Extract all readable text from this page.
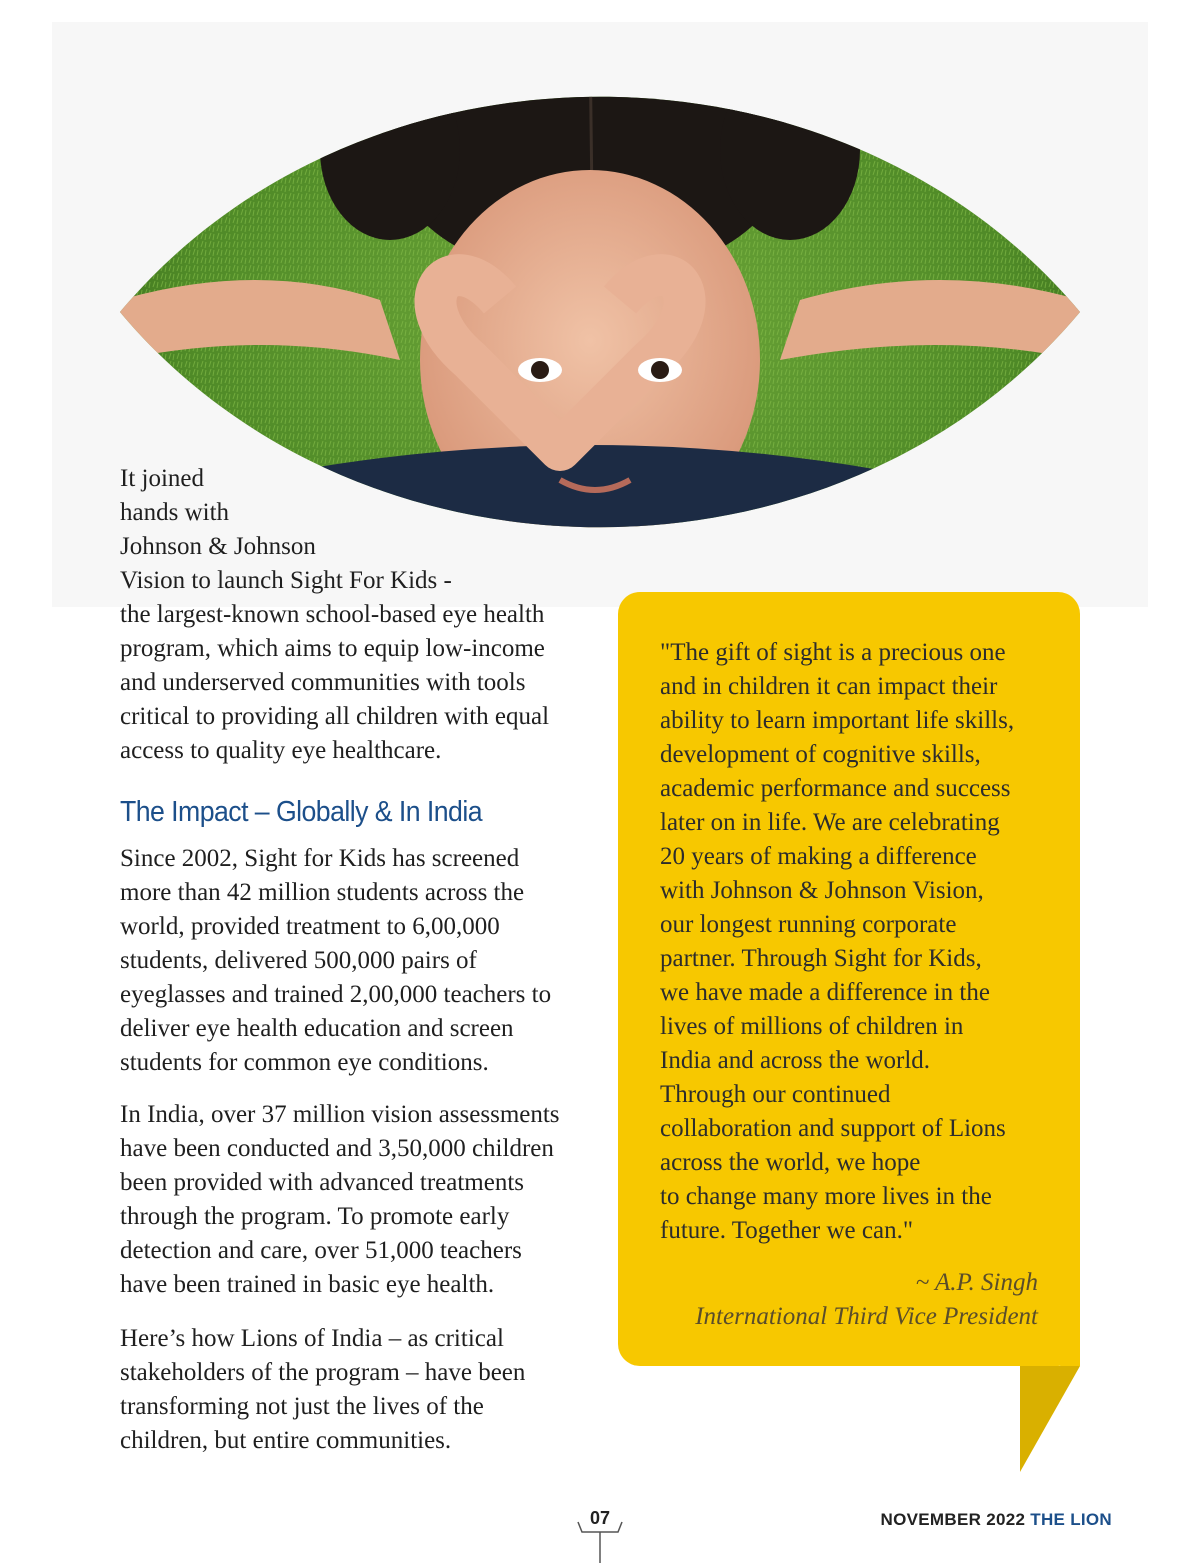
It joined
hands with
Johnson & Johnson
Vision to launch Sight For Kids -
the largest-known school-based eye health
program, which aims to equip low-income
and underserved communities with tools
critical to providing all children with equal
access to quality eye healthcare.

The Impact – Globally & In India

Since 2002, Sight for Kids has screened
more than 42 million students across the
world, provided treatment to 6,00,000
students, delivered 500,000 pairs of
eyeglasses and trained 2,00,000 teachers to
deliver eye health education and screen
students for common eye conditions.

In India, over 37 million vision assessments
have been conducted and 3,50,000 children
been provided with advanced treatments
through the program. To promote early
detection and care, over 51,000 teachers
have been trained in basic eye health.

Here’s how Lions of India – as critical
stakeholders of the program – have been
transforming not just the lives of the
children, but entire communities.

"The gift of sight is a precious one
and in children it can impact their
ability to learn important life skills,
development of cognitive skills,
academic performance and success
later on in life. We are celebrating
20 years of making a difference
with Johnson & Johnson Vision,
our longest running corporate
partner. Through Sight for Kids,
we have made a difference in the
lives of millions of children in
India and across the world.
Through our continued
collaboration and support of Lions
across the world, we hope
to change many more lives in the
future. Together we can."

~ A.P. Singh
International Third Vice President
07	NOVEMBER 2022 THE LION
